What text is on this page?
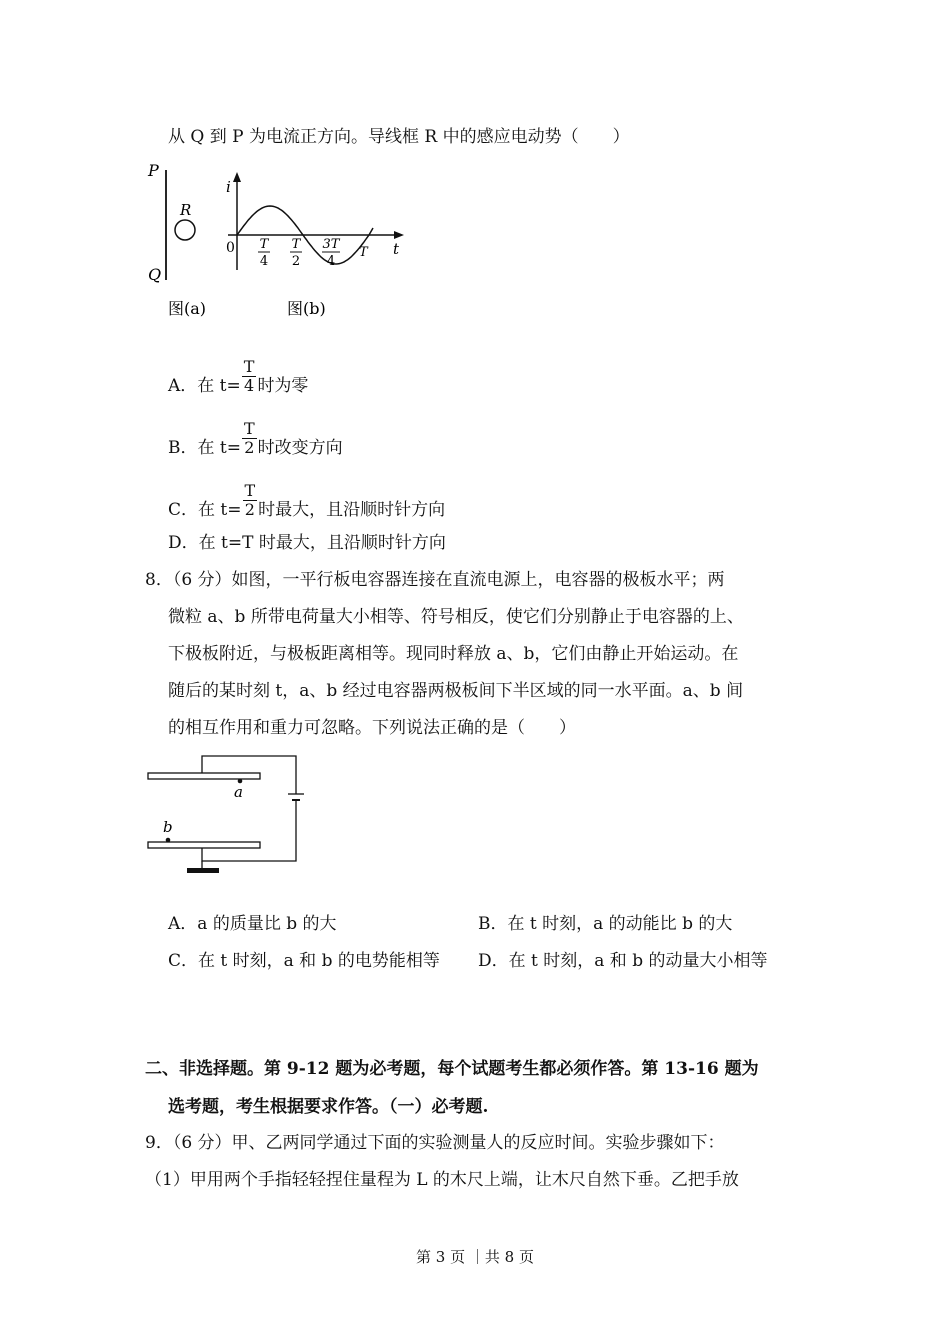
从 Q 到 P 为电流正方向。导线框 R 中的感应电动势（　　）
P
Q
R
i
t
0 T
4
T
2
3T
4
T
图(a)	图(b)
A．在 $t= \frac{T}{4}$ 时为零
B．在 $t= \frac{T}{2}$ 时改变方向
C．在 $t= \frac{T}{2}$ 时最大，且沿顺时针方向
D．在 t=T 时最大，且沿顺时针方向
8．（6 分）如图，一平行板电容器连接在直流电源上，电容器的极板水平；两
微粒 a、b 所带电荷量大小相等、符号相反，使它们分别静止于电容器的上、
下极板附近，与极板距离相等。现同时释放 a、b，它们由静止开始运动。在
随后的某时刻 t，a、b 经过电容器两极板间下半区域的同一水平面。a、b 间
的相互作用和重力可忽略。下列说法正确的是（　　）
a
b
A．a 的质量比 b 的大	B．在 t 时刻，a 的动能比 b 的大
C．在 t 时刻，a 和 b 的电势能相等 D．在 t 时刻，a 和 b 的动量大小相等
二、非选择题。第 9-12 题为必考题，每个试题考生都必须作答。第 13-16 题为
选考题，考生根据要求作答。（一）必考题.
9．（6 分）甲、乙两同学通过下面的实验测量人的反应时间。实验步骤如下：
（1）甲用两个手指轻轻捏住量程为 L 的木尺上端，让木尺自然下垂。乙把手放
第 3 页 ｜共 8 页
